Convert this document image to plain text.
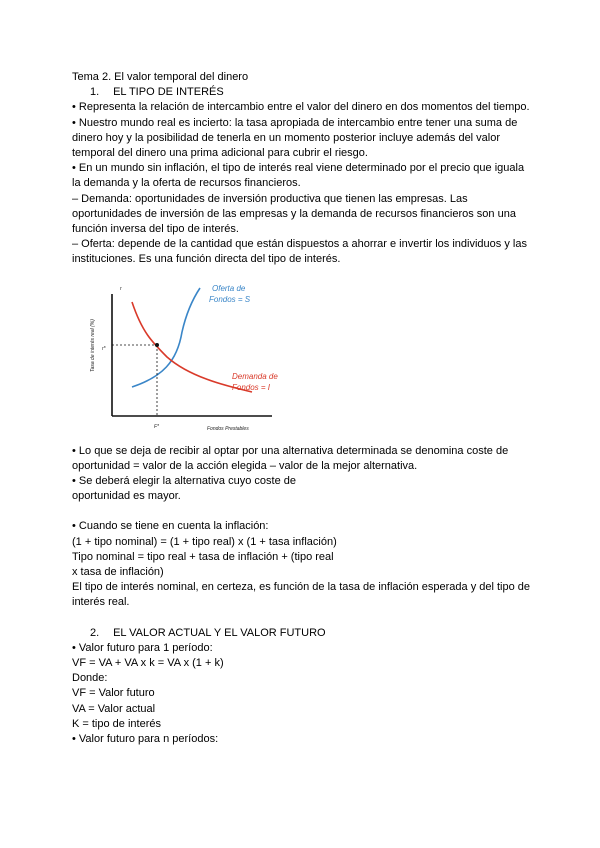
Tema 2. El valor temporal del dinero

1. EL TIPO DE INTERÉS

• Representa la relación de intercambio entre el valor del dinero en dos momentos del tiempo.

• Nuestro mundo real es incierto: la tasa apropiada de intercambio entre tener una suma de dinero hoy y la posibilidad de tenerla en un momento posterior incluye además del valor temporal del dinero una prima adicional para cubrir el riesgo.

• En un mundo sin inflación, el tipo de interés real viene determinado por el precio que iguala la demanda y la oferta de recursos financieros.

– Demanda: oportunidades de inversión productiva que tienen las empresas. Las oportunidades de inversión de las empresas y la demanda de recursos financieros son una función inversa del tipo de interés.

– Oferta: depende de la cantidad que están dispuestos a ahorrar e invertir los individuos y las instituciones. Es una función directa del tipo de interés.

r
Tasa de interés real (%)	r*
F*	Fondos Prestables
Oferta de
Fondos = S
Demanda de
Fondos = I

• Lo que se deja de recibir al optar por una alternativa determinada se denomina coste de oportunidad = valor de la acción elegida – valor de la mejor alternativa.

• Se deberá elegir la alternativa cuyo coste de

oportunidad es mayor.

• Cuando se tiene en cuenta la inflación:

(1 + tipo nominal) = (1 + tipo real) x (1 + tasa inflación)

Tipo nominal = tipo real + tasa de inflación + (tipo real

x tasa de inflación)

El tipo de interés nominal, en certeza, es función de la tasa de inflación esperada y del tipo de interés real.

2. EL VALOR ACTUAL Y EL VALOR FUTURO

• Valor futuro para 1 período:

VF = VA + VA x k = VA x (1 + k)

Donde:

VF = Valor futuro

VA = Valor actual

K = tipo de interés

• Valor futuro para n períodos:
